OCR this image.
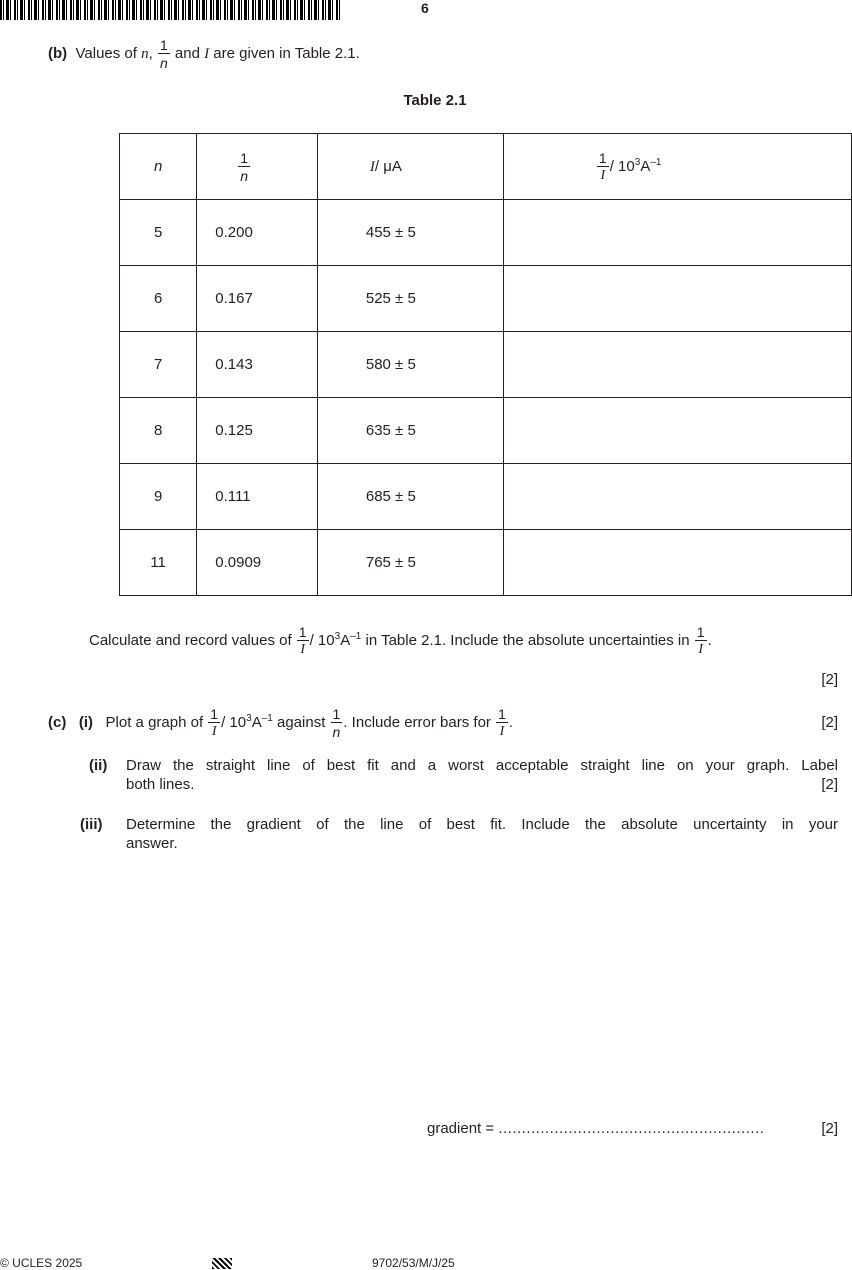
6
(b) Values of n, $\frac{1}{n}$ and I are given in Table 2.1.
Table 2.1
n	$\frac{1}{n}$	I/ μA	$\frac{1}{I} / 10^3A^{-1}$
5	0.200	455 ± 5	
6	0.167	525 ± 5	
7	0.143	580 ± 5	
8	0.125	635 ± 5	
9	0.111	685 ± 5	
11	0.0909	765 ± 5	
Calculate and record values of $\frac{1}{I} / 10^3A^{-1}$ in Table 2.1. Include the absolute uncertainties in $\frac{1}{I}$ .
[2]
(c) (i) Plot a graph of $\frac{1}{I} / 10^3A^{-1}$ against $\frac{1}{n}$ . Include error bars for $\frac{1}{I}$ .	[2]
(ii) Draw the straight line of best fit and a worst acceptable straight line on your graph. Label
both lines.	[2]
(iii) Determine the gradient of the line of best fit. Include the absolute uncertainty in your
answer.
gradient = .........................................................	[2]
© UCLES 2025	9702/53/M/J/25
